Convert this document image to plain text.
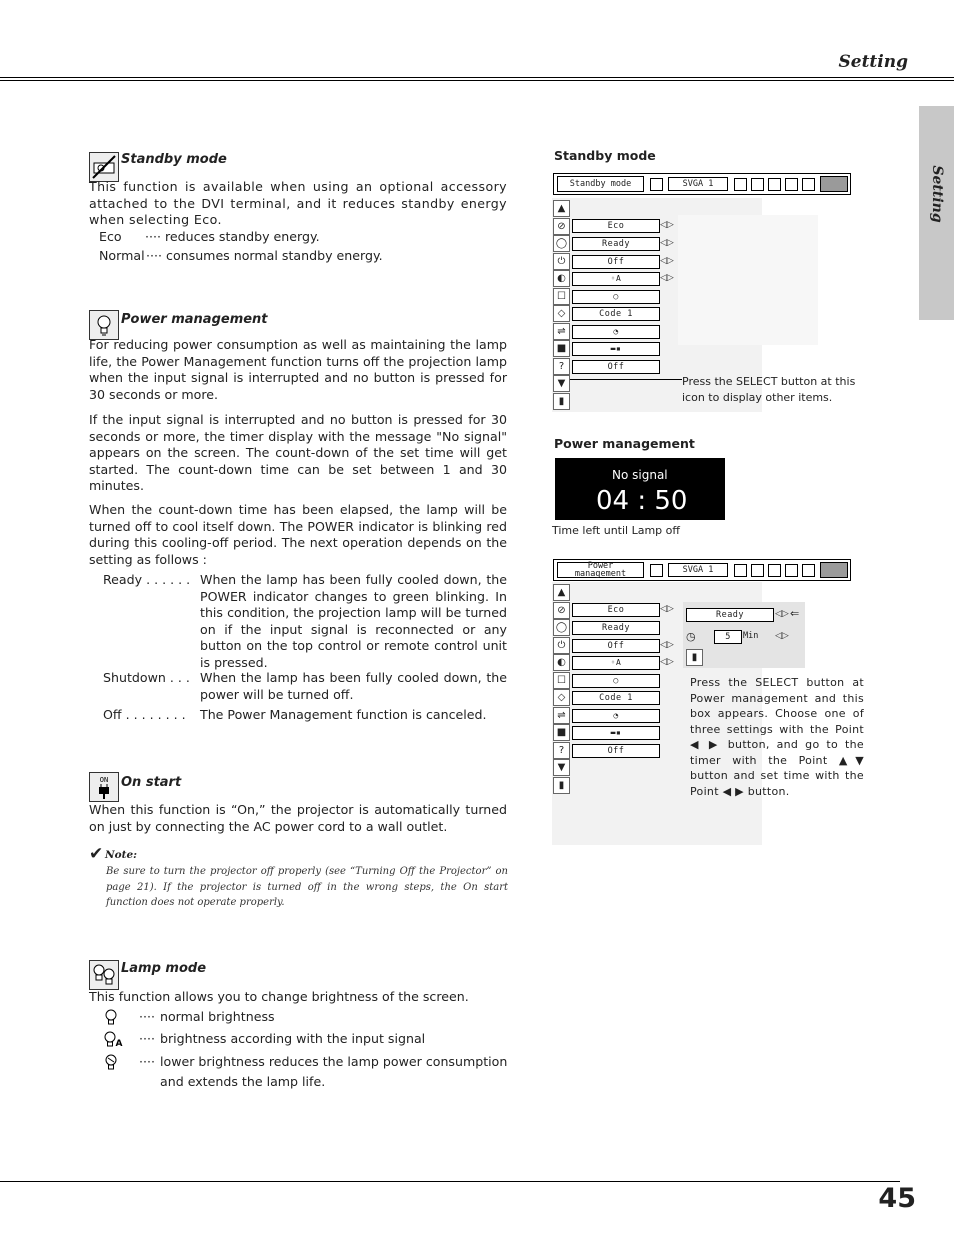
Setting
Setting
Standby mode
This function is available when using an optional accessory attached to the DVI terminal, and it reduces standby energy when selecting Eco.
Eco ···· reduces standby energy.
Normal ···· consumes normal standby energy.
Power management
For reducing power consumption as well as maintaining the lamp life, the Power Management function turns off the projection lamp when the input signal is interrupted and no button is pressed for 30 seconds or more.
If the input signal is interrupted and no button is pressed for 30 seconds or more, the timer display with the message "No signal" appears on the screen. The count-down of the set time will get started. The count-down time can be set between 1 and 30 minutes.
When the count-down time has been elapsed, the lamp will be turned off to cool itself down. The POWER indicator is blinking red during this cooling-off period. The next operation depends on the setting as follows :
Ready . . . . . . When the lamp has been fully cooled down, the POWER indicator changes to green blinking. In this condition, the projection lamp will be turned on if the input signal is reconnected or any button on the top control or remote control unit is pressed.
Shutdown . . . When the lamp has been fully cooled down, the power will be turned off.
Off . . . . . . . . The Power Management function is canceled.
ON On start
When this function is “On,” the projector is automatically turned on just by connecting the AC power cord to a wall outlet.
✔ Note:
Be sure to turn the projector off properly (see “Turning Off the Projector” on page 21). If the projector is turned off in the wrong steps, the On start function does not operate properly.
Lamp mode
This function allows you to change brightness of the screen.
···· normal brightness
A ···· brightness according with the input signal
···· lower brightness reduces the lamp power consumption
and extends the lamp life.
Standby mode
Standby mode	SVGA 1
▲
⊘
◯
⏻
◐
☐
◇
⇌
■
?
▼
▮
Eco	◁▷
Ready	◁▷
Off	◁▷
◦A	◁▷
○
Code 1
◔
▬▪
Off
Press the SELECT button at this icon to display other items.
Power management
No signal
04 : 50
Time left until Lamp off
Power
management	SVGA 1
▲
⊘
◯
⏻
◐
☐
◇
⇌
■
?
▼
▮
Eco	◁▷
Ready
Off	◁▷
◦A	◁▷
○
Code 1
◔
▬▪
Off
Ready	◁▷ ⇐
◷	5	Min ◁▷
▮
Press the SELECT button at Power management and this box appears. Choose one of three settings with the Point ◀ ▶ button, and go to the timer with the Point ▲▼ button and set time with the Point ◀ ▶ button.
45
